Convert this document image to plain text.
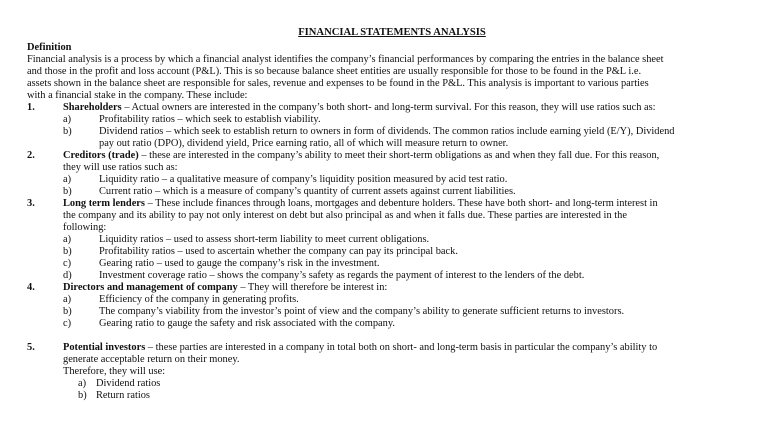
FINANCIAL STATEMENTS ANALYSIS
Definition
Financial analysis is a process by which a financial analyst identifies the company’s financial performances by comparing the entries in the balance sheet
and those in the profit and loss account (P&L). This is so because balance sheet entities are usually responsible for those to be found in the P&L i.e.
assets shown in the balance sheet are responsible for sales, revenue and expenses to be found in the P&L. This analysis is important to various parties
with a financial stake in the company. These include:
1.	Shareholders – Actual owners are interested in the company’s both short- and long-term survival. For this reason, they will use ratios such as:
a)	Profitability ratios – which seek to establish viability.
b)	Dividend ratios – which seek to establish return to owners in form of dividends. The common ratios include earning yield (E/Y), Dividend
pay out ratio (DPO), dividend yield, Price earning ratio, all of which will measure return to owner.
2.	Creditors (trade) – these are interested in the company’s ability to meet their short-term obligations as and when they fall due. For this reason,
they will use ratios such as:
a)	Liquidity ratio – a qualitative measure of company’s liquidity position measured by acid test ratio.
b)	Current ratio – which is a measure of company’s quantity of current assets against current liabilities.
3.	Long term lenders – These include finances through loans, mortgages and debenture holders. These have both short- and long-term interest in
the company and its ability to pay not only interest on debt but also principal as and when it falls due. These parties are interested in the
following:
a)	Liquidity ratios – used to assess short-term liability to meet current obligations.
b)	Profitability ratios – used to ascertain whether the company can pay its principal back.
c)	Gearing ratio – used to gauge the company’s risk in the investment.
d)	Investment coverage ratio – shows the company’s safety as regards the payment of interest to the lenders of the debt.
4.	Directors and management of company – They will therefore be interest in:
a)	Efficiency of the company in generating profits.
b)	The company’s viability from the investor’s point of view and the company’s ability to generate sufficient returns to investors.
c)	Gearing ratio to gauge the safety and risk associated with the company.
5.	Potential investors – these parties are interested in a company in total both on short- and long-term basis in particular the company’s ability to
generate acceptable return on their money.
Therefore, they will use:
a) Dividend ratios
b) Return ratios
